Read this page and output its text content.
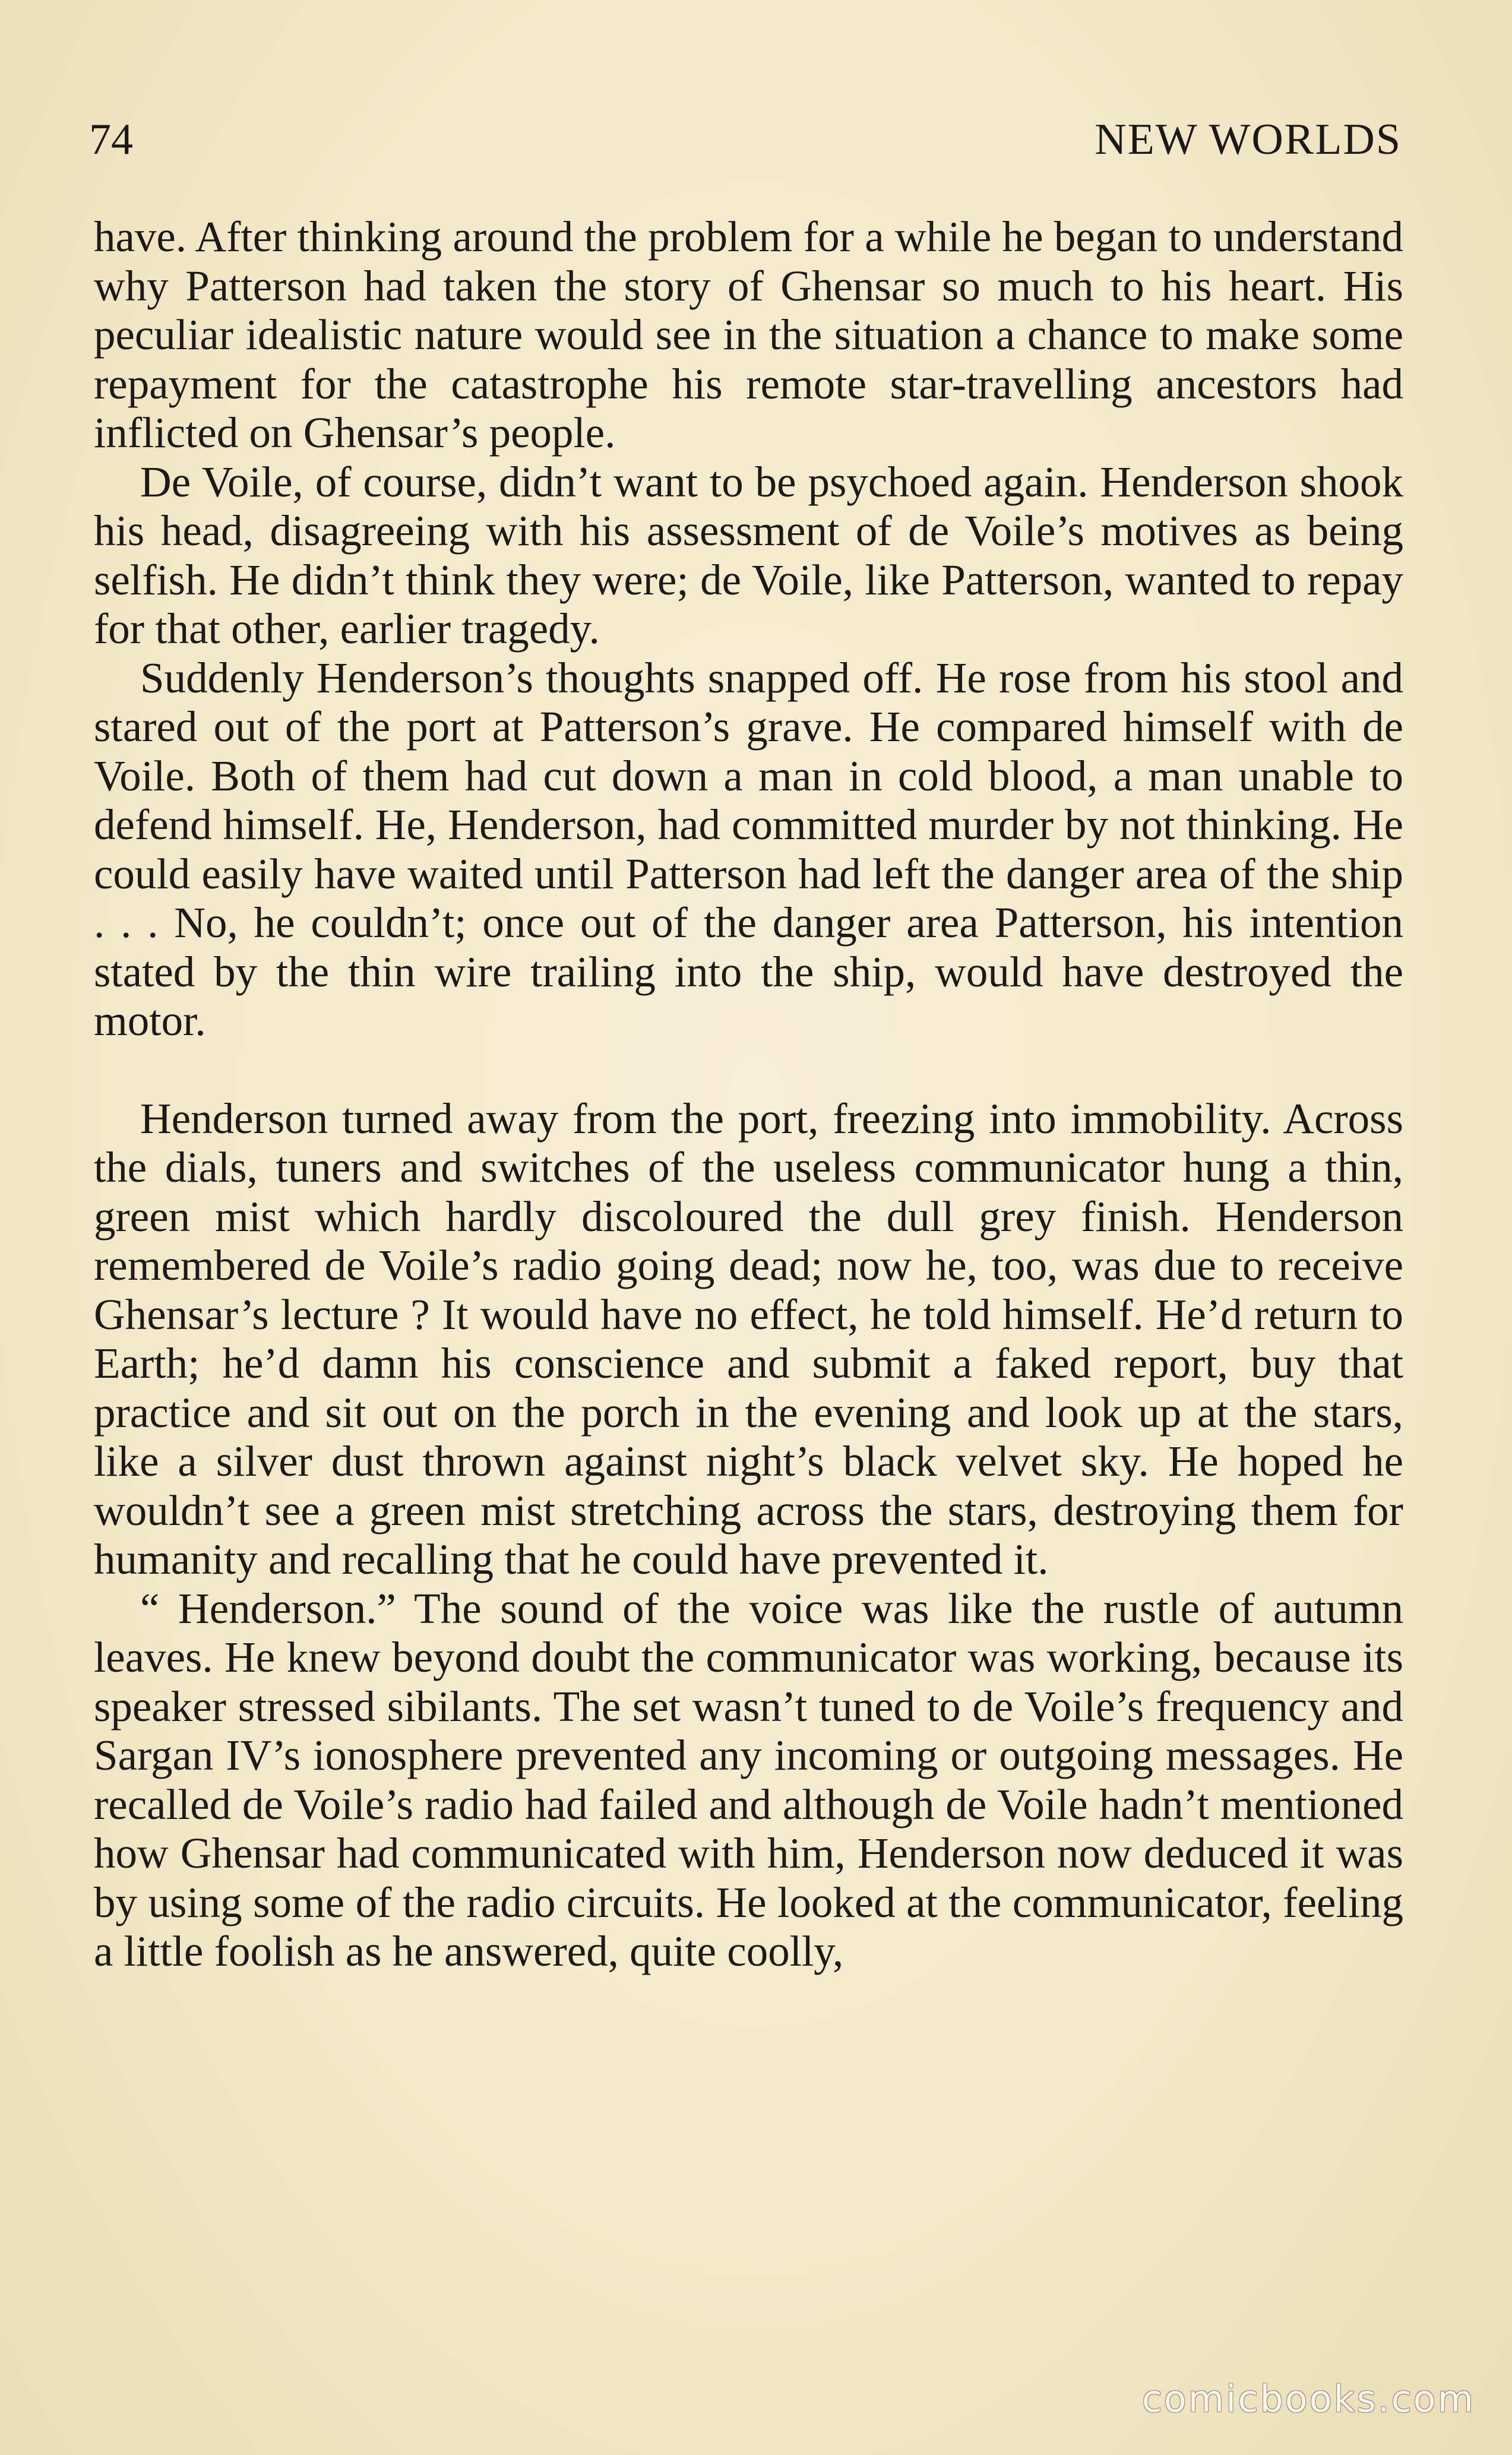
74	NEW WORLDS

have. After thinking around the problem for a while he began to understand why Patterson had taken the story of Ghensar so much to his heart. His peculiar idealistic nature would see in the situation a chance to make some repayment for the catastrophe his remote star-travelling ancestors had inflicted on Ghensar’s people.

De Voile, of course, didn’t want to be psychoed again. Henderson shook his head, disagreeing with his assessment of de Voile’s motives as being selfish. He didn’t think they were; de Voile, like Patterson, wanted to repay for that other, earlier tragedy.

Suddenly Henderson’s thoughts snapped off. He rose from his stool and stared out of the port at Patterson’s grave. He compared himself with de Voile. Both of them had cut down a man in cold blood, a man unable to defend himself. He, Henderson, had committed murder by not thinking. He could easily have waited until Patterson had left the danger area of the ship . . . No, he couldn’t; once out of the danger area Patterson, his intention stated by the thin wire trailing into the ship, would have destroyed the motor.

Henderson turned away from the port, freezing into immobility. Across the dials, tuners and switches of the useless communicator hung a thin, green mist which hardly discoloured the dull grey finish. Henderson remembered de Voile’s radio going dead; now he, too, was due to receive Ghensar’s lecture ? It would have no effect, he told himself. He’d return to Earth; he’d damn his conscience and submit a faked report, buy that practice and sit out on the porch in the evening and look up at the stars, like a silver dust thrown against night’s black velvet sky. He hoped he wouldn’t see a green mist stretching across the stars, destroying them for humanity and recalling that he could have prevented it.

“ Henderson.” The sound of the voice was like the rustle of autumn leaves. He knew beyond doubt the communicator was working, because its speaker stressed sibilants. The set wasn’t tuned to de Voile’s frequency and Sargan IV’s ionosphere prevented any incoming or outgoing messages. He recalled de Voile’s radio had failed and although de Voile hadn’t mentioned how Ghensar had communicated with him, Henderson now deduced it was by using some of the radio circuits. He looked at the communicator, feeling a little foolish as he answered, quite coolly,

comicbooks.com
